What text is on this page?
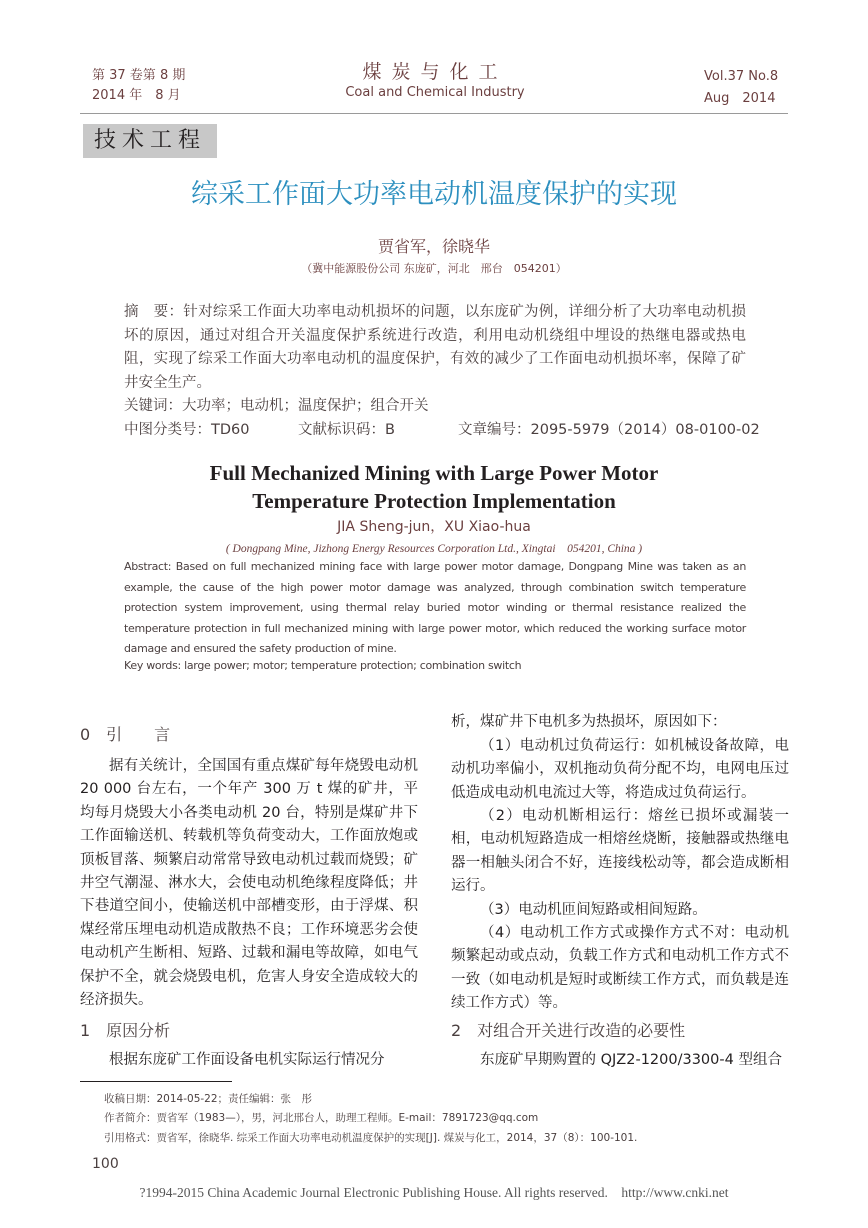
第 37 卷第 8 期
2014 年　8 月
煤炭与化工
Coal and Chemical Industry
Vol.37 No.8
Aug　2014
技术工程
综采工作面大功率电动机温度保护的实现
贾省军，徐晓华
（冀中能源股份公司 东庞矿，河北　邢台　054201）
摘　要：针对综采工作面大功率电动机损坏的问题，以东庞矿为例，详细分析了大功率电动机损坏的原因，通过对组合开关温度保护系统进行改造，利用电动机绕组中埋设的热继电器或热电阻，实现了综采工作面大功率电动机的温度保护，有效的减少了工作面电动机损坏率，保障了矿井安全生产。
关键词：大功率；电动机；温度保护；组合开关

中图分类号：TD60

	文献标识码：B

	文章编号：2095-5979（2014）08-0100-02

Full Mechanized Mining with Large Power Motor
Temperature Protection Implementation
JIA Sheng-jun，XU Xiao-hua
( Dongpang Mine, Jizhong Energy Resources Corporation Ltd., Xingtai　054201, China )
Abstract: Based on full mechanized mining face with large power motor damage, Dongpang Mine was taken as an example, the cause of the high power motor damage was analyzed, through combination switch temperature protection system improvement, using thermal relay buried motor winding or thermal resistance realized the temperature protection in full mechanized mining with large power motor, which reduced the working surface motor damage and ensured the safety production of mine.
Key words: large power; motor; temperature protection; combination switch
0　引　　言

据有关统计，全国国有重点煤矿每年烧毁电动机 20 000 台左右，一个年产 300 万 t 煤的矿井，平均每月烧毁大小各类电动机 20 台，特别是煤矿井下工作面输送机、转载机等负荷变动大，工作面放炮或顶板冒落、频繁启动常常导致电动机过载而烧毁；矿井空气潮湿、淋水大，会使电动机绝缘程度降低；井下巷道空间小，使输送机中部槽变形，由于浮煤、积煤经常压埋电动机造成散热不良；工作环境恶劣会使电动机产生断相、短路、过载和漏电等故障，如电气保护不全，就会烧毁电机，危害人身安全造成较大的经济损失。

1　原因分析

根据东庞矿工作面设备电机实际运行情况分

析，煤矿井下电机多为热损坏，原因如下：

（1）电动机过负荷运行：如机械设备故障，电动机功率偏小，双机拖动负荷分配不均，电网电压过低造成电动机电流过大等，将造成过负荷运行。

（2）电动机断相运行：熔丝已损坏或漏装一相，电动机短路造成一相熔丝烧断，接触器或热继电器一相触头闭合不好，连接线松动等，都会造成断相运行。

（3）电动机匝间短路或相间短路。

（4）电动机工作方式或操作方式不对：电动机频繁起动或点动，负载工作方式和电动机工作方式不一致（如电动机是短时或断续工作方式，而负载是连续工作方式）等。

2　对组合开关进行改造的必要性

东庞矿早期购置的 QJZ2-1200/3300-4 型组合

收稿日期：2014-05-22；责任编辑：张　彤
作者简介：贾省军（1983—），男，河北邢台人，助理工程师。E-mail：7891723@qq.com
引用格式：贾省军，徐晓华. 综采工作面大功率电动机温度保护的实现[J]. 煤炭与化工，2014，37（8）：100-101.
100
?1994-2015 China Academic Journal Electronic Publishing House. All rights reserved.    http://www.cnki.net
